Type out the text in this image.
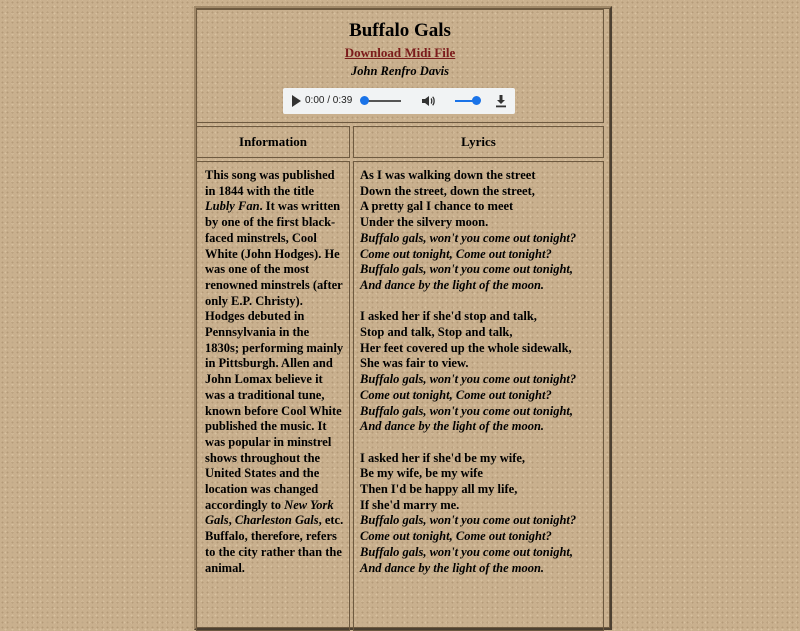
Buffalo Gals
Download Midi File
John Renfro Davis
0:00 / 0:39
Information	Lyrics
This song was published in 1844 with the title Lubly Fan. It was written by one of the first black-faced minstrels, Cool White (John Hodges). He was one of the most renowned minstrels (after only E.P. Christy). Hodges debuted in Pennsylvania in the 1830s; performing mainly in Pittsburgh. Allen and John Lomax believe it was a traditional tune, known before Cool White published the music. It was popular in minstrel shows throughout the United States and the location was changed accordingly to New York Gals, Charleston Gals, etc. Buffalo, therefore, refers to the city rather than the animal.
As I was walking down the street
Down the street, down the street,
A pretty gal I chance to meet
Under the silvery moon.
Buffalo gals, won't you come out tonight?
Come out tonight, Come out tonight?
Buffalo gals, won't you come out tonight,
And dance by the light of the moon.
I asked her if she'd stop and talk,
Stop and talk, Stop and talk,
Her feet covered up the whole sidewalk,
She was fair to view.
Buffalo gals, won't you come out tonight?
Come out tonight, Come out tonight?
Buffalo gals, won't you come out tonight,
And dance by the light of the moon.
I asked her if she'd be my wife,
Be my wife, be my wife
Then I'd be happy all my life,
If she'd marry me.
Buffalo gals, won't you come out tonight?
Come out tonight, Come out tonight?
Buffalo gals, won't you come out tonight,
And dance by the light of the moon.
